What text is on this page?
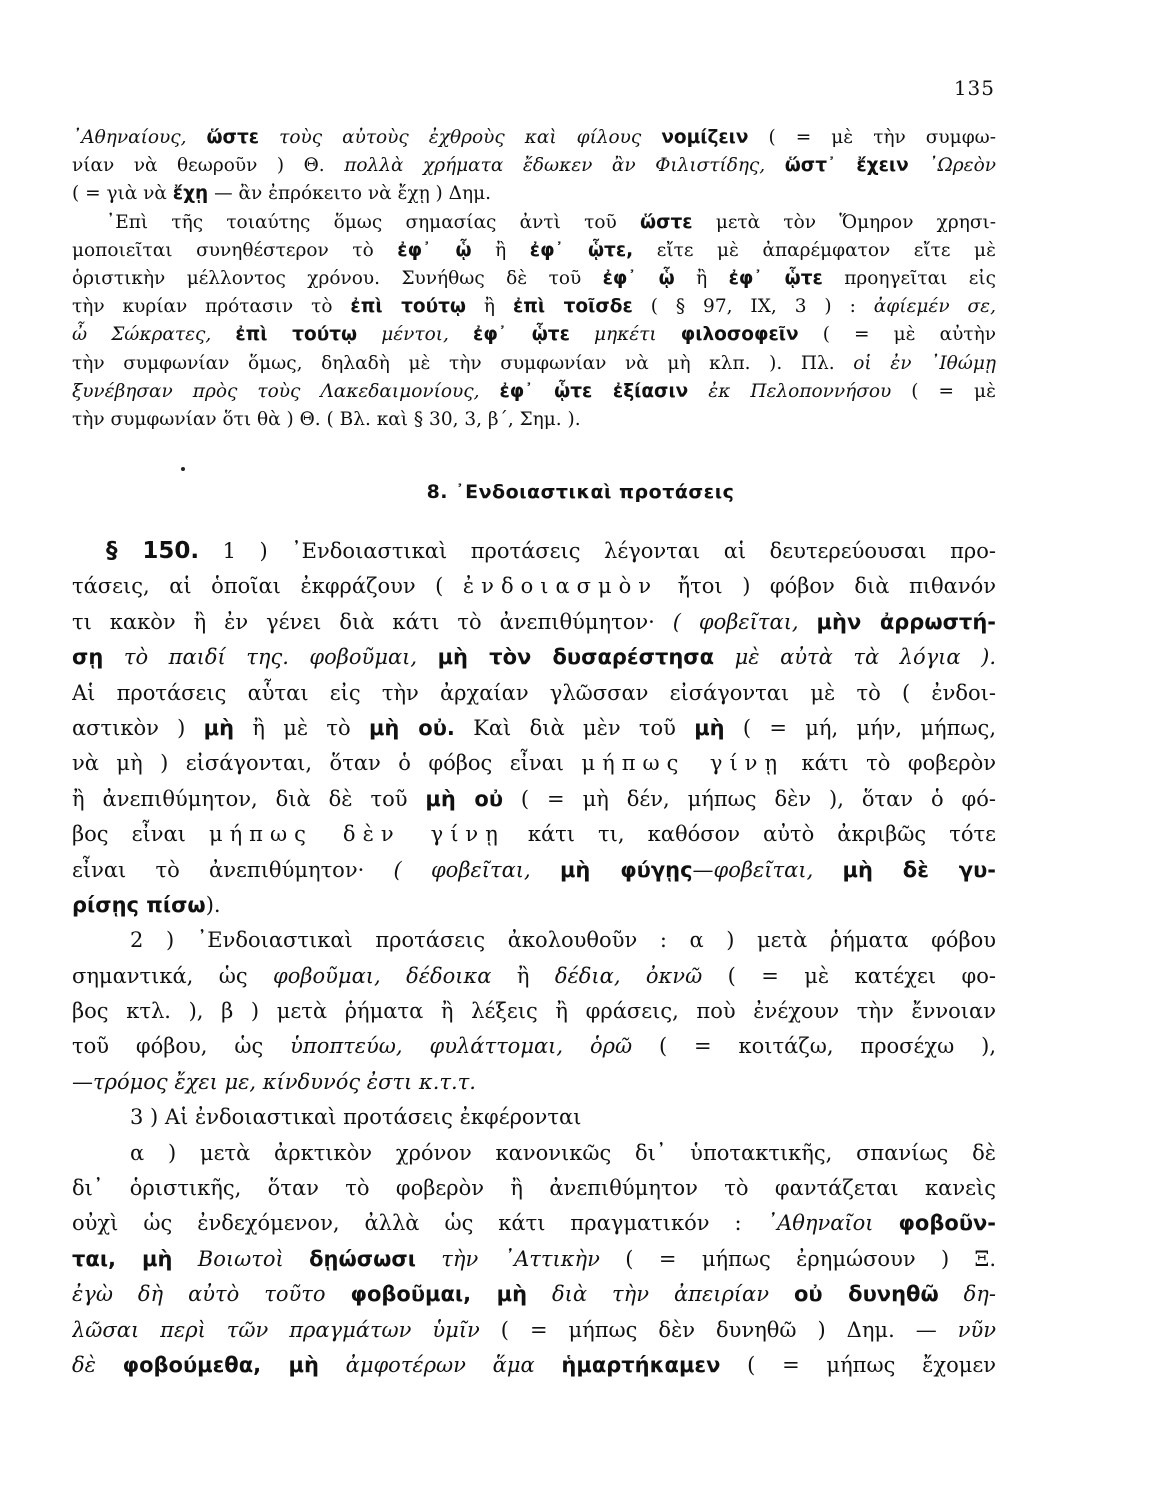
135
᾿Αθηναίους, ὥστε τοὺς αὐτοὺς ἐχθροὺς καὶ φίλους νομίζειν ( = μὲ τὴν συμφω-
νίαν νὰ θεωροῦν ) Θ. πολλὰ χρήματα ἔδωκεν ἂν Φιλιστίδης, ὥστ᾿ ἔχειν ᾿Ωρεὸν
( = γιὰ νὰ ἔχῃ — ἂν ἐπρόκειτο νὰ ἔχῃ ) Δημ.
᾿Επὶ τῆς τοιαύτης ὅμως σημασίας ἀντὶ τοῦ ὥστε μετὰ τὸν Ὅμηρον χρησι-
μοποιεῖται συνηθέστερον τὸ ἐφ᾿ ᾧ ἢ ἐφ᾿ ᾧτε, εἴτε μὲ ἀπαρέμφατον εἴτε μὲ
ὁριστικὴν μέλλοντος χρόνου. Συνήθως δὲ τοῦ ἐφ᾿ ᾧ ἢ ἐφ᾿ ᾧτε προηγεῖται εἰς
τὴν κυρίαν πρότασιν τὸ ἐπὶ τούτῳ ἢ ἐπὶ τοῖσδε ( § 97, IX, 3 ) : ἀφίεμέν σε,
ὦ Σώκρατες, ἐπὶ τούτῳ μέντοι, ἐφ᾿ ᾧτε μηκέτι φιλοσοφεῖν ( = μὲ αὐτὴν
τὴν συμφωνίαν ὅμως, δηλαδὴ μὲ τὴν συμφωνίαν νὰ μὴ κλπ. ). Πλ. οἱ ἐν ᾿Ιθώμῃ
ξυνέβησαν πρὸς τοὺς Λακεδαιμονίους, ἐφ᾿ ᾧτε ἐξίασιν ἐκ Πελοποννήσου ( = μὲ
τὴν συμφωνίαν ὅτι θὰ ) Θ. ( Βλ. καὶ § 30, 3, β΄, Σημ. ).
8. ᾿Ενδοιαστικαὶ προτάσεις
§ 150. 1 ) ᾿Ενδοιαστικαὶ προτάσεις λέγονται αἱ δευτερεύουσαι προ-
τάσεις, αἱ ὁποῖαι ἐκφράζουν ( ἐνδοιασμὸν ἤτοι ) φόβον διὰ πιθανόν
τι κακὸν ἢ ἐν γένει διὰ κάτι τὸ ἀνεπιθύμητον· ( φοβεῖται, μὴν ἀρρωστή-
σῃ τὸ παιδί της. φοβοῦμαι, μὴ τὸν δυσαρέστησα μὲ αὐτὰ τὰ λόγια ).
Αἱ προτάσεις αὗται εἰς τὴν ἀρχαίαν γλῶσσαν εἰσάγονται μὲ τὸ ( ἐνδοι-
αστικὸν ) μὴ ἢ μὲ τὸ μὴ οὐ. Καὶ διὰ μὲν τοῦ μὴ ( = μή, μήν, μήπως,
νὰ μὴ ) εἰσάγονται, ὅταν ὁ φόβος εἶναι μήπως γίνῃ κάτι τὸ φοβερὸν
ἢ ἀνεπιθύμητον, διὰ δὲ τοῦ μὴ οὐ ( = μὴ δέν, μήπως δὲν ), ὅταν ὁ φό-
βος εἶναι μήπως δὲν γίνῃ κάτι τι, καθόσον αὐτὸ ἀκριβῶς τότε
εἶναι τὸ ἀνεπιθύμητον· ( φοβεῖται, μὴ φύγῃς—φοβεῖται, μὴ δὲ γυ-
ρίσῃς πίσω).
2 ) ᾿Ενδοιαστικαὶ προτάσεις ἀκολουθοῦν : α ) μετὰ ῥήματα φόβου
σημαντικά, ὡς φοβοῦμαι, δέδοικα ἢ δέδια, ὀκνῶ ( = μὲ κατέχει φο-
βος κτλ. ), β ) μετὰ ῥήματα ἢ λέξεις ἢ φράσεις, ποὺ ἐνέχουν τὴν ἔννοιαν
τοῦ φόβου, ὡς ὑποπτεύω, φυλάττομαι, ὁρῶ ( = κοιτάζω, προσέχω ),
—τρόμος ἔχει με, κίνδυνός ἐστι κ.τ.τ.
3 ) Αἱ ἐνδοιαστικαὶ προτάσεις ἐκφέρονται
α ) μετὰ ἀρκτικὸν χρόνον κανονικῶς δι᾿ ὑποτακτικῆς, σπανίως δὲ
δι᾿ ὁριστικῆς, ὅταν τὸ φοβερὸν ἢ ἀνεπιθύμητον τὸ φαντάζεται κανεὶς
οὐχὶ ὡς ἐνδεχόμενον, ἀλλὰ ὡς κάτι πραγματικόν : ᾿Αθηναῖοι φοβοῦν-
ται, μὴ Βοιωτοὶ δῃώσωσι τὴν ᾿Αττικὴν ( = μήπως ἐρημώσουν ) Ξ.
ἐγὼ δὴ αὐτὸ τοῦτο φοβοῦμαι, μὴ διὰ τὴν ἀπειρίαν οὐ δυνηθῶ δη-
λῶσαι περὶ τῶν πραγμάτων ὑμῖν ( = μήπως δὲν δυνηθῶ ) Δημ. — νῦν
δὲ φοβούμεθα, μὴ ἀμφοτέρων ἅμα ἡμαρτήκαμεν ( = μήπως ἔχομεν
